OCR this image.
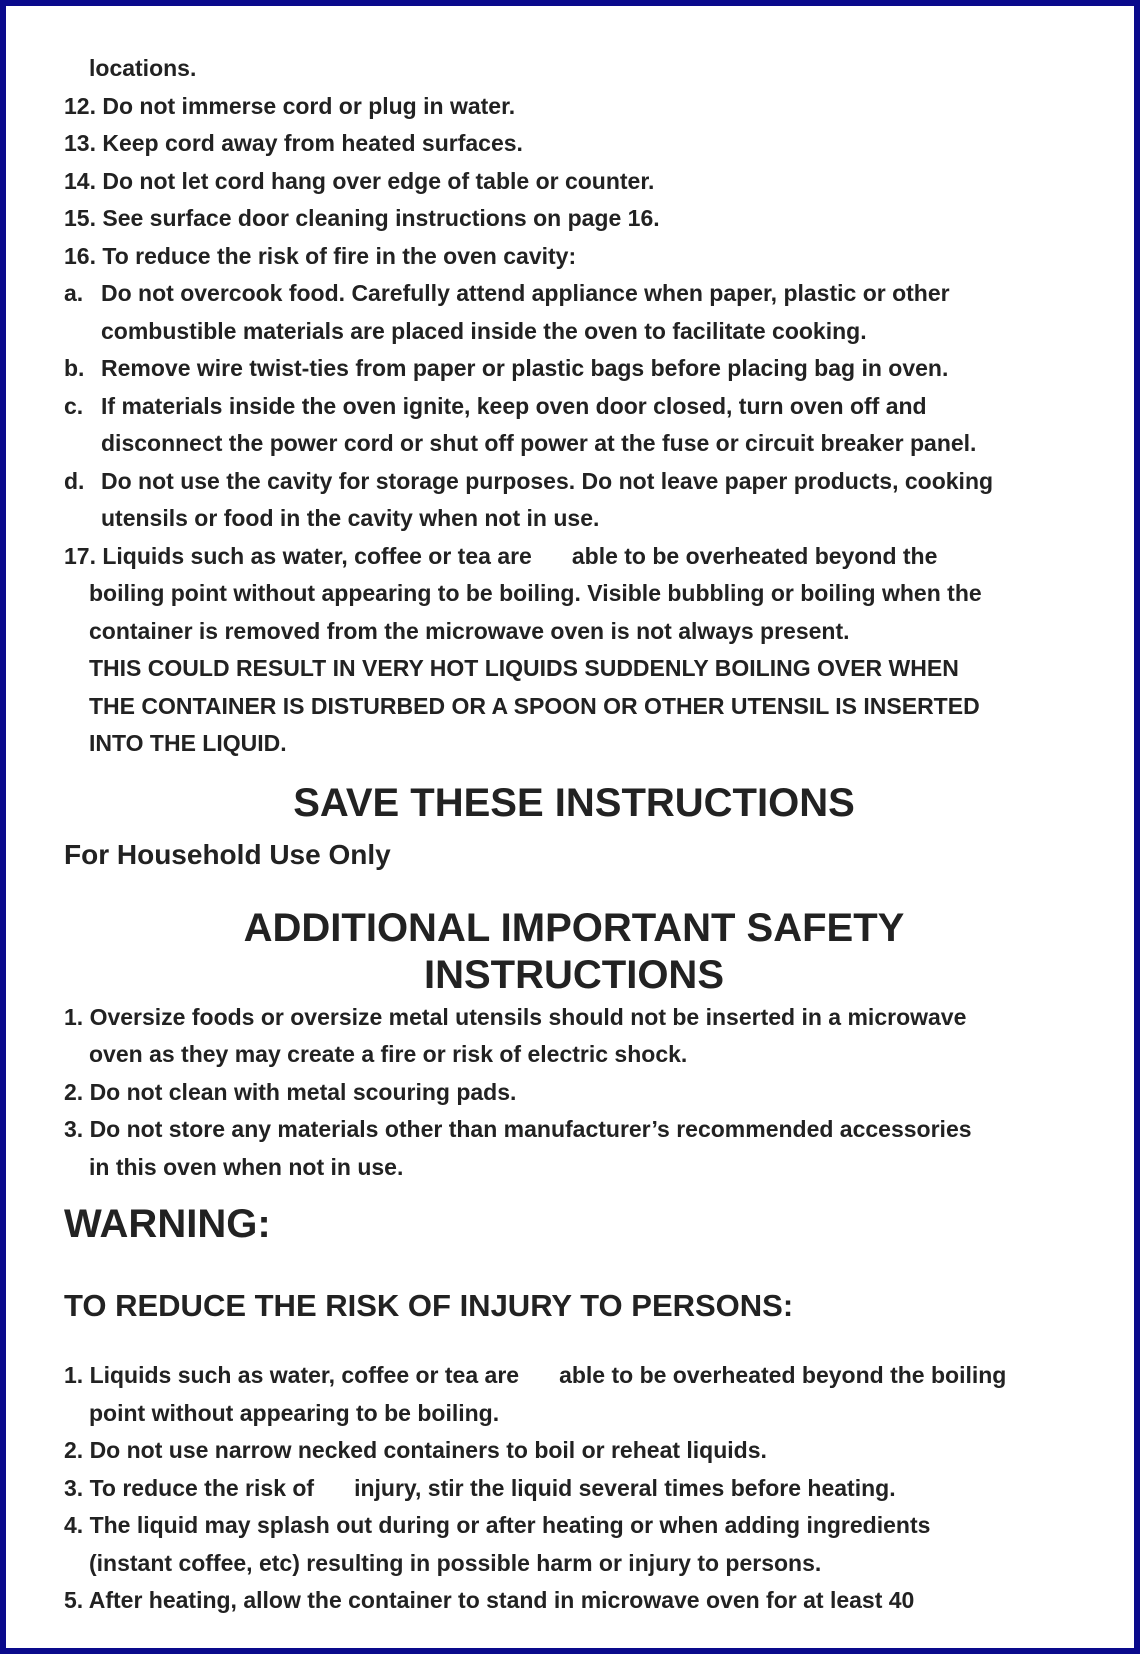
locations.

12. Do not immerse cord or plug in water.

13. Keep cord away from heated surfaces.

14. Do not let cord hang over edge of table or counter.

15. See surface door cleaning instructions on page 16.

16. To reduce the risk of fire in the oven cavity:

a. Do not overcook food. Carefully attend appliance when paper, plastic or other

combustible materials are placed inside the oven to facilitate cooking.

b. Remove wire twist-ties from paper or plastic bags before placing bag in oven.
c. If materials inside the oven ignite, keep oven door closed, turn oven off and

disconnect the power cord or shut off power at the fuse or circuit breaker panel.

d. Do not use the cavity for storage purposes. Do not leave paper products, cooking

utensils or food in the cavity when not in use.

17. Liquids such as water, coffee or tea are able to be overheated beyond the

boiling point without appearing to be boiling. Visible bubbling or boiling when the

container is removed from the microwave oven is not always present.

THIS COULD RESULT IN VERY HOT LIQUIDS SUDDENLY BOILING OVER WHEN

THE CONTAINER IS DISTURBED OR A SPOON OR OTHER UTENSIL IS INSERTED

INTO THE LIQUID.

SAVE THESE INSTRUCTIONS

For Household Use Only

ADDITIONAL IMPORTANT SAFETY
INSTRUCTIONS

1. Oversize foods or oversize metal utensils should not be inserted in a microwave

oven as they may create a fire or risk of electric shock.

2. Do not clean with metal scouring pads.

3. Do not store any materials other than manufacturer’s recommended accessories

in this oven when not in use.

WARNING:

TO REDUCE THE RISK OF INJURY TO PERSONS:

1. Liquids such as water, coffee or tea are able to be overheated beyond the boiling

point without appearing to be boiling.

2. Do not use narrow necked containers to boil or reheat liquids.

3. To reduce the risk of injury, stir the liquid several times before heating.

4. The liquid may splash out during or after heating or when adding ingredients

(instant coffee, etc) resulting in possible harm or injury to persons.

5. After heating, allow the container to stand in microwave oven for at least 40
